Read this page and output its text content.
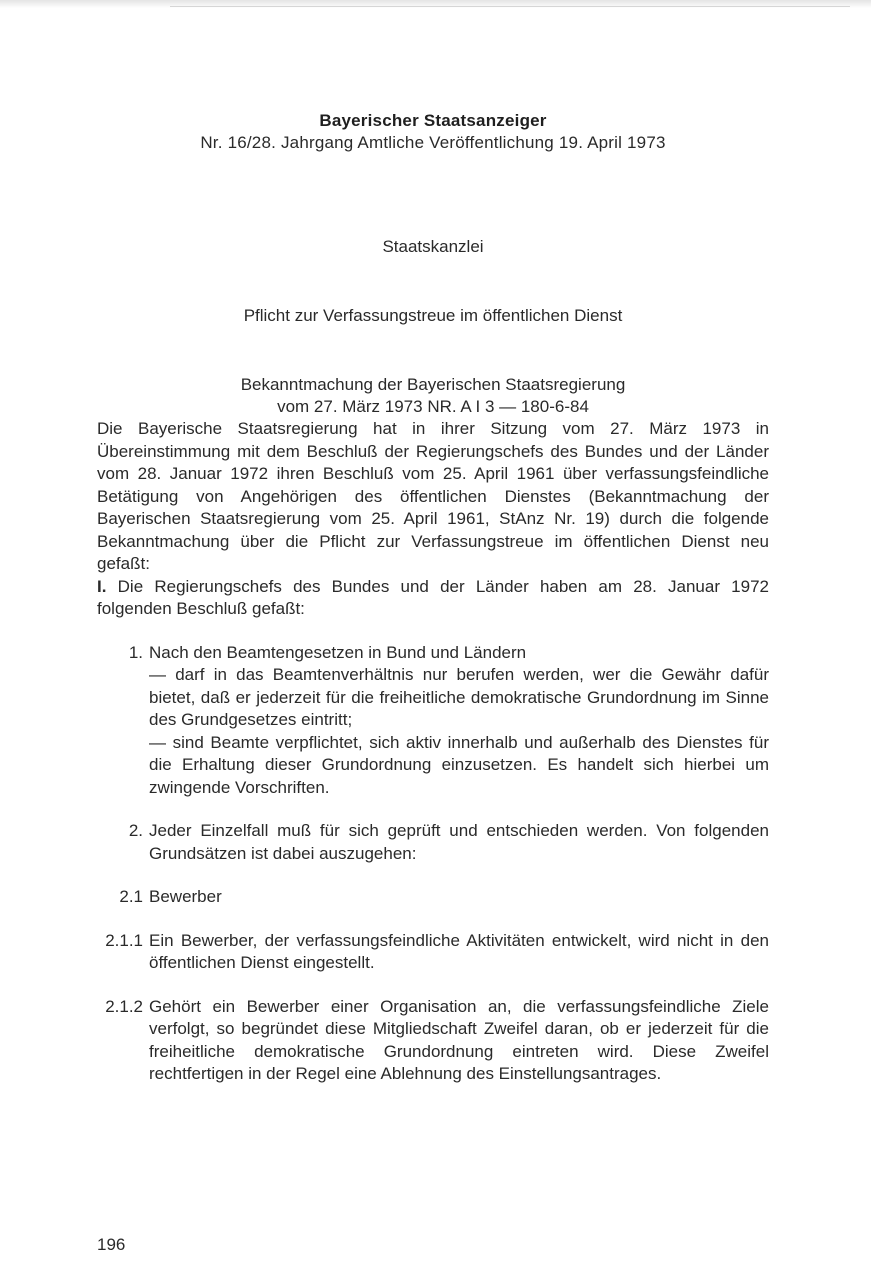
Bayerischer Staatsanzeiger
Nr. 16/28. Jahrgang Amtliche Veröffentlichung 19. April 1973
Staatskanzlei
Pflicht zur Verfassungstreue im öffentlichen Dienst
Bekanntmachung der Bayerischen Staatsregierung
vom 27. März 1973 NR. A I 3 — 180-6-84

Die Bayerische Staatsregierung hat in ihrer Sitzung vom 27. März 1973 in Übereinstimmung mit dem Beschluß der Regierungschefs des Bundes und der Länder vom 28. Januar 1972 ihren Beschluß vom 25. April 1961 über verfassungsfeindliche Betätigung von Angehörigen des öffentlichen Dienstes (Bekanntmachung der Bayerischen Staatsregierung vom 25. April 1961, StAnz Nr. 19) durch die folgende Bekanntmachung über die Pflicht zur Verfassungstreue im öffentlichen Dienst neu gefaßt:

I. Die Regierungschefs des Bundes und der Länder haben am 28. Januar 1972 folgenden Beschluß gefaßt:

1. Nach den Beamtengesetzen in Bund und Ländern

— darf in das Beamtenverhältnis nur berufen werden, wer die Gewähr dafür bietet, daß er jederzeit für die freiheitliche demokratische Grundordnung im Sinne des Grundgesetzes eintritt;

— sind Beamte verpflichtet, sich aktiv innerhalb und außerhalb des Dienstes für die Erhaltung dieser Grundordnung einzusetzen. Es handelt sich hierbei um zwingende Vorschriften.

2. Jeder Einzelfall muß für sich geprüft und entschieden werden. Von folgenden Grundsätzen ist dabei auszugehen:

2.1 Bewerber

2.1.1 Ein Bewerber, der verfassungsfeindliche Aktivitäten entwickelt, wird nicht in den öffentlichen Dienst eingestellt.

2.1.2 Gehört ein Bewerber einer Organisation an, die verfassungsfeindliche Ziele verfolgt, so begründet diese Mitgliedschaft Zweifel daran, ob er jederzeit für die freiheitliche demokratische Grundordnung eintreten wird. Diese Zweifel rechtfertigen in der Regel eine Ablehnung des Einstellungsantrages.

196
